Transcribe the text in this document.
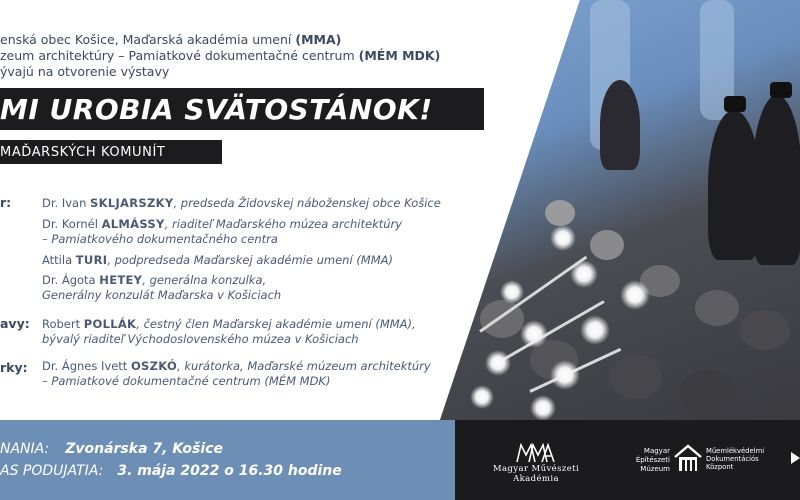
enská obec Košice, Maďarská akadémia umení (MMA)
zeum architektúry – Pamiatkové dokumentačné centrum (MÉM MDK)
ývajú na otvorenie výstavy
MI UROBIA SVÄTOSTÁNOK!
MAĎARSKÝCH KOMUNÍT
r:
avy:
rky:
Dr. Ivan SKLJARSZKY, predseda Židovskej náboženskej obce Košice
Dr. Kornél ALMÁSSY, riaditeľ Maďarského múzea architektúry
– Pamiatkového dokumentačného centra
Attila TURI, podpredseda Maďarskej akadémie umení (MMA)
Dr. Ágota HETEY, generálna konzulka,
Generálny konzulát Maďarska v Košiciach
Robert POLLÁK, čestný člen Maďarskej akadémie umení (MMA),
bývalý riaditeľ Východoslovenského múzea v Košiciach
Dr. Ágnes Ivett OSZKÓ, kurátorka, Maďarské múzeum architektúry
– Pamiatkové dokumentačné centrum (MÉM MDK)
NANIA: Zvonárska 7, Košice
AS PODUJATIA: 3. mája 2022 o 16.30 hodine	Magyar Művészeti Akadémia
Magyar Építészeti Múzeum
Műemlékvédelmi Dokumentációs Központ
